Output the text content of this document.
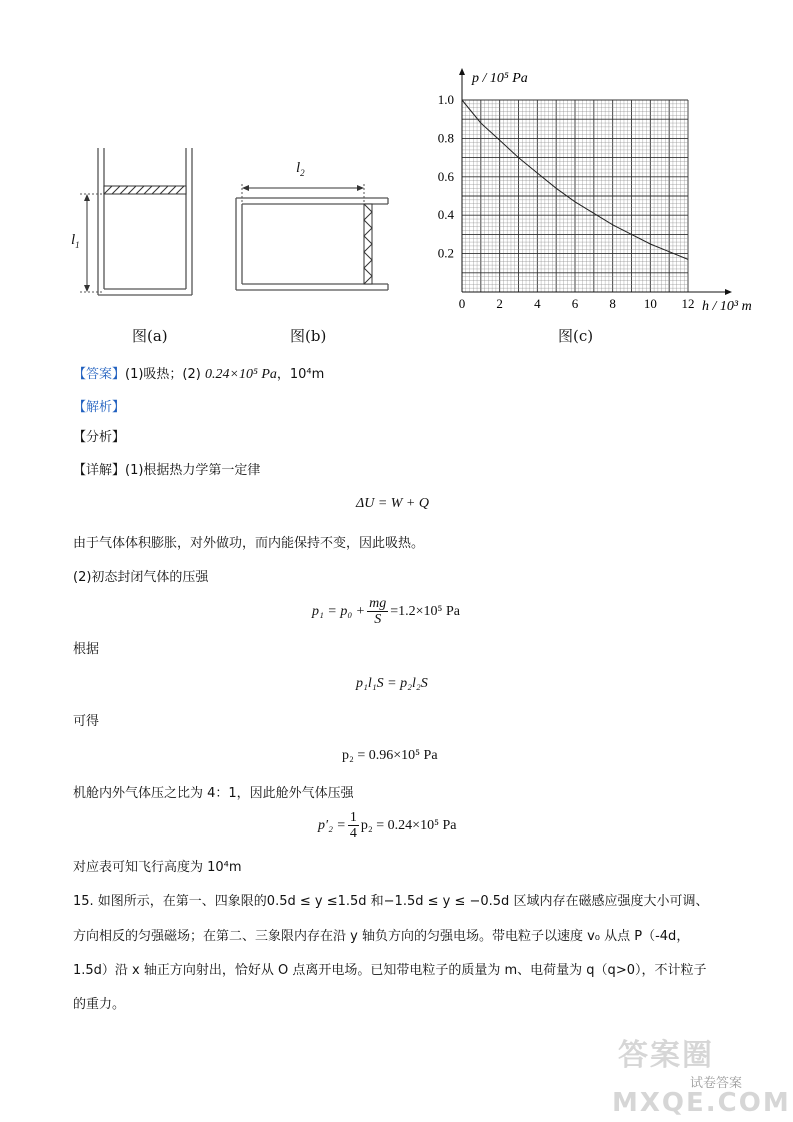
$l_1$
图(a)
$l_2$
图(b)
0 2 4 6 8 10 12
1.0
0.8
0.6
0.4
0.2
p / 10⁵ Pa
h / 10³ m
图(c)
【答案】(1)吸热；(2) 0.24×10⁵ Pa，10⁴m
【解析】
【分析】
【详解】(1)根据热力学第一定律
ΔU = W + Q
由于气体体积膨胀，对外做功，而内能保持不变，因此吸热。
(2)初态封闭气体的压强
$p_1 = p_0 + \frac{mg}{S} =1.2\times 10^5$ Pa
根据
p₁l₁S = p₂l₂S
可得
p₂ = 0.96×10⁵ Pa
机舱内外气体压之比为 4：1，因此舱外气体压强
$p'_2 = \frac{1}{4} p_2 = 0.24\times 10^5$ Pa
对应表可知飞行高度为 10⁴m
15. 如图所示，在第一、四象限的0.5d ≤ y ≤1.5d 和−1.5d ≤ y ≤ −0.5d 区域内存在磁感应强度大小可调、
方向相反的匀强磁场；在第二、三象限内存在沿 y 轴负方向的匀强电场。带电粒子以速度 v₀ 从点 P（-4d，
1.5d）沿 x 轴正方向射出，恰好从 O 点离开电场。已知带电粒子的质量为 m、电荷量为 q（q>0），不计粒子
的重力。
答案圈
试卷答案
MXQE.COM
